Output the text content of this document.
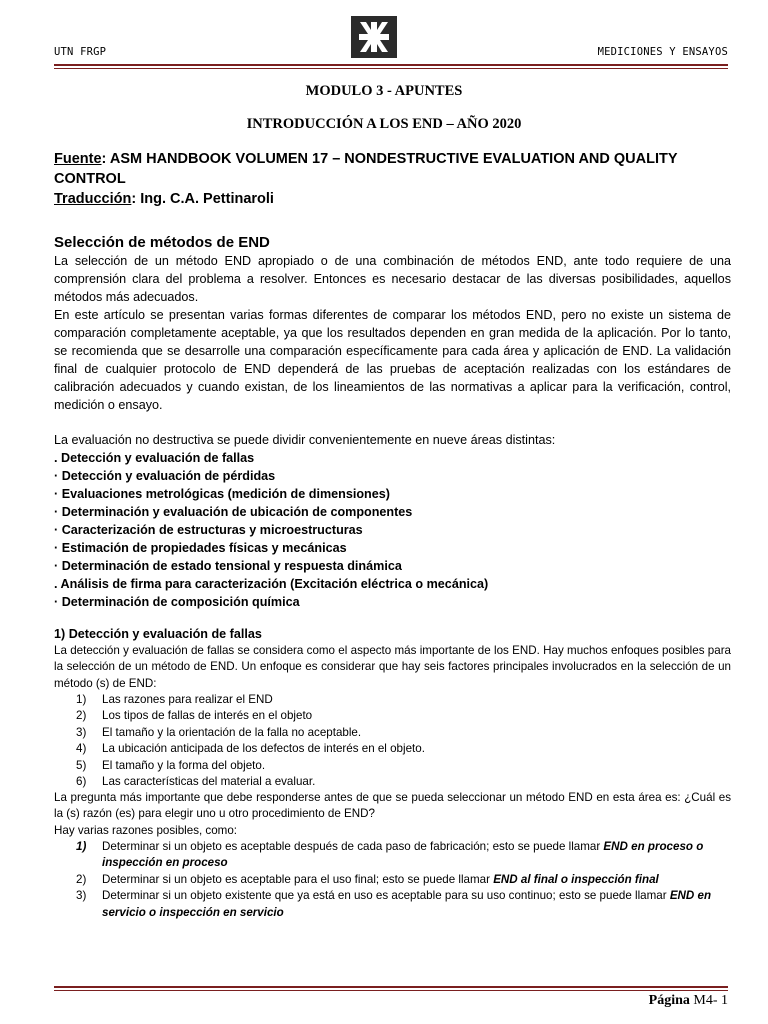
UTN FRGP	MEDICIONES Y ENSAYOS
MODULO 3 - APUNTES
INTRODUCCIÓN A LOS END – AÑO 2020
Fuente: ASM HANDBOOK VOLUMEN 17 – NONDESTRUCTIVE EVALUATION AND QUALITY CONTROL
Traducción: Ing. C.A. Pettinaroli
Selección de métodos de END

La selección de un método END apropiado o de una combinación de métodos END, ante todo requiere de una comprensión clara del problema a resolver. Entonces es necesario destacar de las diversas posibilidades, aquellos métodos más adecuados.

En este artículo se presentan varias formas diferentes de comparar los métodos END, pero no existe un sistema de comparación completamente aceptable, ya que los resultados dependen en gran medida de la aplicación. Por lo tanto, se recomienda que se desarrolle una comparación específicamente para cada área y aplicación de END. La validación final de cualquier protocolo de END dependerá de las pruebas de aceptación realizadas con los estándares de calibración adecuados y cuando existan, de los lineamientos de las normativas a aplicar para la verificación, control, medición o ensayo.

La evaluación no destructiva se puede dividir convenientemente en nueve áreas distintas:
. Detección y evaluación de fallas
· Detección y evaluación de pérdidas
· Evaluaciones metrológicas (medición de dimensiones)
· Determinación y evaluación de ubicación de componentes
· Caracterización de estructuras y microestructuras
· Estimación de propiedades físicas y mecánicas
· Determinación de estado tensional y respuesta dinámica
. Análisis de firma para caracterización (Excitación eléctrica o mecánica)
· Determinación de composición química
1) Detección y evaluación de fallas
La detección y evaluación de fallas se considera como el aspecto más importante de los END. Hay muchos enfoques posibles para la selección de un método de END. Un enfoque es considerar que hay seis factores principales involucrados en la selección de un método (s) de END:
1)	Las razones para realizar el END
2)	Los tipos de fallas de interés en el objeto
3)	El tamaño y la orientación de la falla no aceptable.
4)	La ubicación anticipada de los defectos de interés en el objeto.
5)	El tamaño y la forma del objeto.
6)	Las características del material a evaluar.
La pregunta más importante que debe responderse antes de que se pueda seleccionar un método END en esta área es: ¿Cuál es la (s) razón (es) para elegir uno u otro procedimiento de END?
Hay varias razones posibles, como:
1)	Determinar si un objeto es aceptable después de cada paso de fabricación; esto se puede llamar END en proceso o inspección en proceso
2)	Determinar si un objeto es aceptable para el uso final; esto se puede llamar END al final o inspección final
3)	Determinar si un objeto existente que ya está en uso es aceptable para su uso continuo; esto se puede llamar END en servicio o inspección en servicio
Página M4- 1
